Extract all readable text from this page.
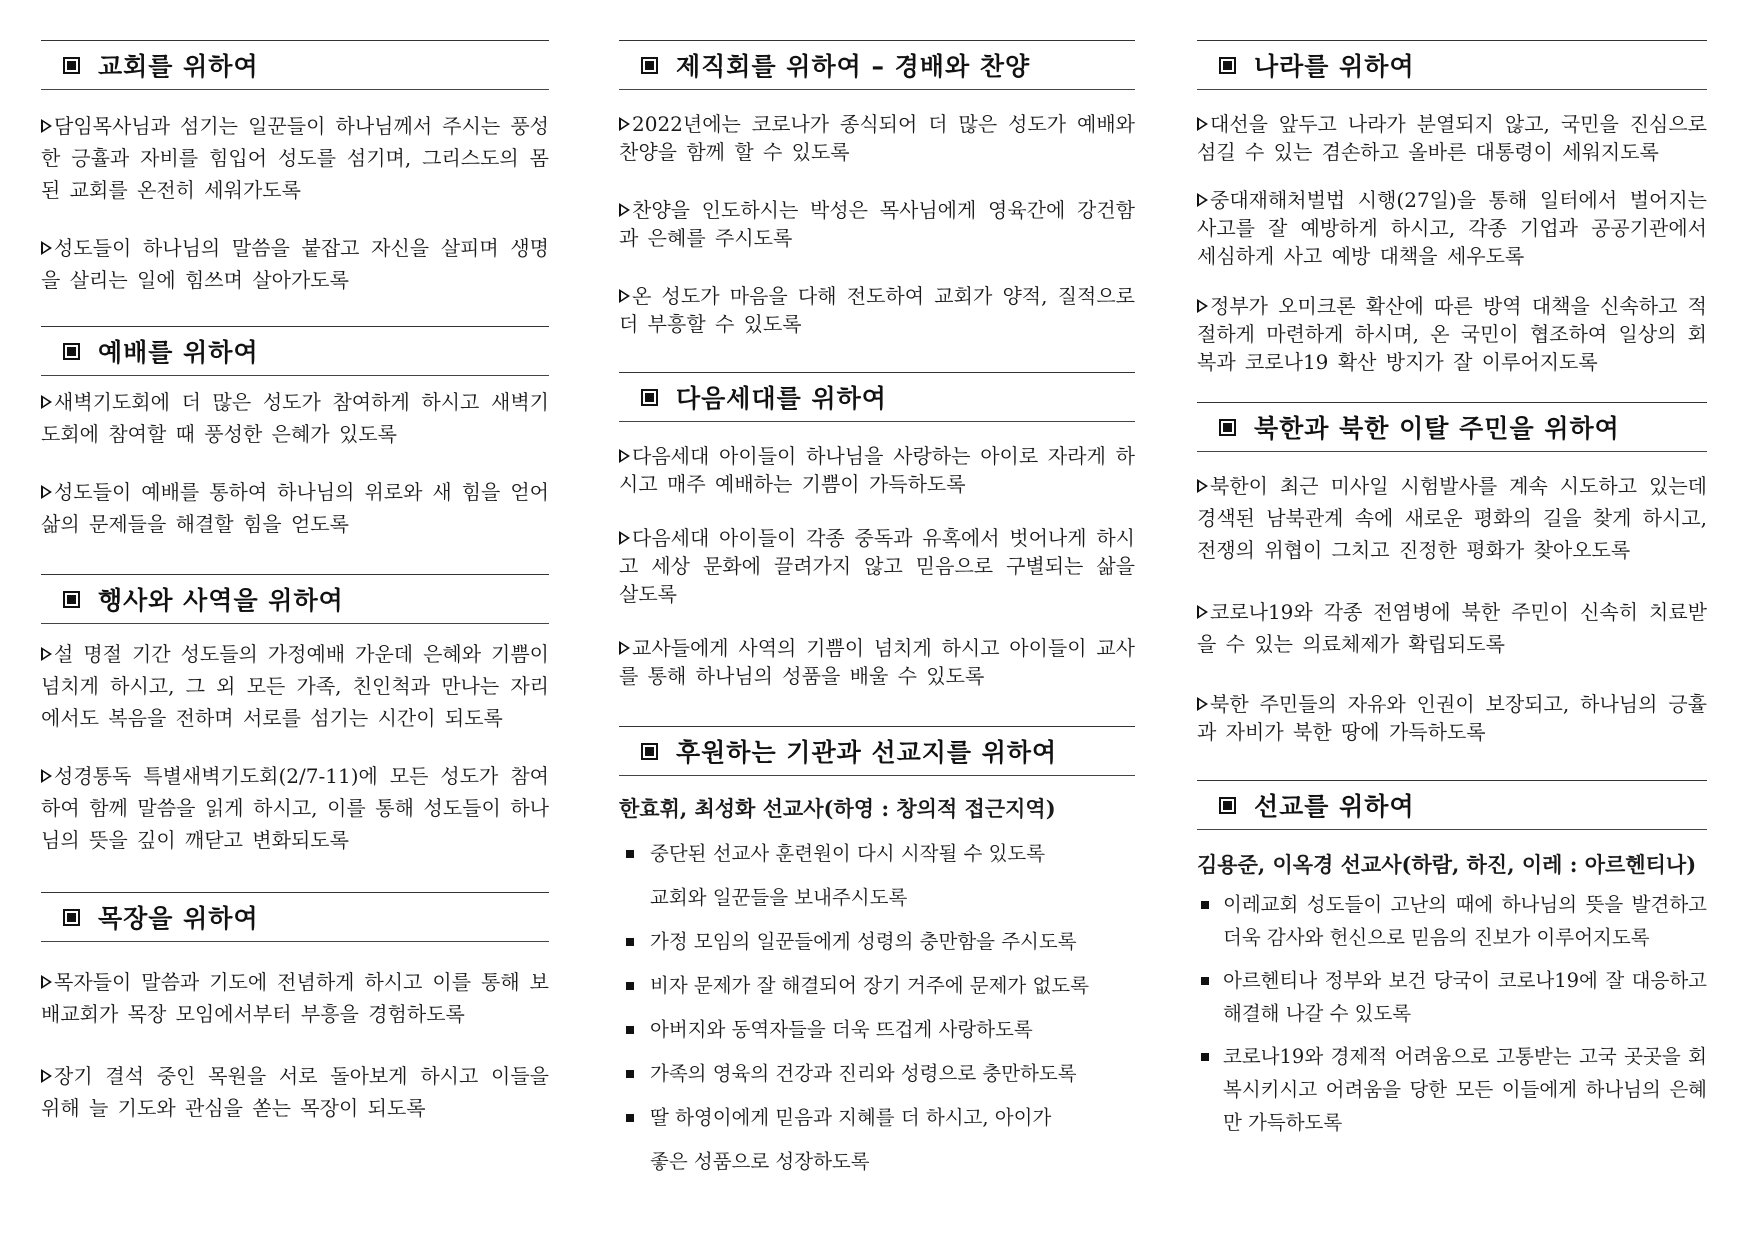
교회를 위하여

담임목사님과 섬기는 일꾼들이 하나님께서 주시는 풍성한 긍휼과 자비를 힘입어 성도를 섬기며, 그리스도의 몸 된 교회를 온전히 세워가도록

성도들이 하나님의 말씀을 붙잡고 자신을 살피며 생명을 살리는 일에 힘쓰며 살아가도록

예배를 위하여

새벽기도회에 더 많은 성도가 참여하게 하시고 새벽기도회에 참여할 때 풍성한 은혜가 있도록

성도들이 예배를 통하여 하나님의 위로와 새 힘을 얻어 삶의 문제들을 해결할 힘을 얻도록

행사와 사역을 위하여

설 명절 기간 성도들의 가정예배 가운데 은혜와 기쁨이 넘치게 하시고, 그 외 모든 가족, 친인척과 만나는 자리에서도 복음을 전하며 서로를 섬기는 시간이 되도록

성경통독 특별새벽기도회(2/7-11)에 모든 성도가 참여하여 함께 말씀을 읽게 하시고, 이를 통해 성도들이 하나님의 뜻을 깊이 깨닫고 변화되도록

목장을 위하여

목자들이 말씀과 기도에 전념하게 하시고 이를 통해 보배교회가 목장 모임에서부터 부흥을 경험하도록

장기 결석 중인 목원을 서로 돌아보게 하시고 이들을 위해 늘 기도와 관심을 쏟는 목장이 되도록

제직회를 위하여 – 경배와 찬양

2022년에는 코로나가 종식되어 더 많은 성도가 예배와 찬양을 함께 할 수 있도록

찬양을 인도하시는 박성은 목사님에게 영육간에 강건함과 은혜를 주시도록

온 성도가 마음을 다해 전도하여 교회가 양적, 질적으로 더 부흥할 수 있도록

다음세대를 위하여

다음세대 아이들이 하나님을 사랑하는 아이로 자라게 하시고 매주 예배하는 기쁨이 가득하도록

다음세대 아이들이 각종 중독과 유혹에서 벗어나게 하시고 세상 문화에 끌려가지 않고 믿음으로 구별되는 삶을 살도록

교사들에게 사역의 기쁨이 넘치게 하시고 아이들이 교사를 통해 하나님의 성품을 배울 수 있도록

후원하는 기관과 선교지를 위하여

한효휘, 최성화 선교사(하영 : 창의적 접근지역)

중단된 선교사 훈련원이 다시 시작될 수 있도록
교회와 일꾼들을 보내주시도록
가정 모임의 일꾼들에게 성령의 충만함을 주시도록
비자 문제가 잘 해결되어 장기 거주에 문제가 없도록
아버지와 동역자들을 더욱 뜨겁게 사랑하도록
가족의 영육의 건강과 진리와 성령으로 충만하도록
딸 하영이에게 믿음과 지혜를 더 하시고, 아이가
좋은 성품으로 성장하도록
나라를 위하여

대선을 앞두고 나라가 분열되지 않고, 국민을 진심으로 섬길 수 있는 겸손하고 올바른 대통령이 세워지도록

중대재해처벌법 시행(27일)을 통해 일터에서 벌어지는 사고를 잘 예방하게 하시고, 각종 기업과 공공기관에서 세심하게 사고 예방 대책을 세우도록

정부가 오미크론 확산에 따른 방역 대책을 신속하고 적절하게 마련하게 하시며, 온 국민이 협조하여 일상의 회복과 코로나19 확산 방지가 잘 이루어지도록

북한과 북한 이탈 주민을 위하여

북한이 최근 미사일 시험발사를 계속 시도하고 있는데 경색된 남북관계 속에 새로운 평화의 길을 찾게 하시고, 전쟁의 위협이 그치고 진정한 평화가 찾아오도록

코로나19와 각종 전염병에 북한 주민이 신속히 치료받을 수 있는 의료체제가 확립되도록

북한 주민들의 자유와 인권이 보장되고, 하나님의 긍휼과 자비가 북한 땅에 가득하도록

선교를 위하여

김용준, 이옥경 선교사(하람, 하진, 이레 : 아르헨티나)

이레교회 성도들이 고난의 때에 하나님의 뜻을 발견하고 더욱 감사와 헌신으로 믿음의 진보가 이루어지도록
아르헨티나 정부와 보건 당국이 코로나19에 잘 대응하고 해결해 나갈 수 있도록
코로나19와 경제적 어려움으로 고통받는 고국 곳곳을 회복시키시고 어려움을 당한 모든 이들에게 하나님의 은혜만 가득하도록
